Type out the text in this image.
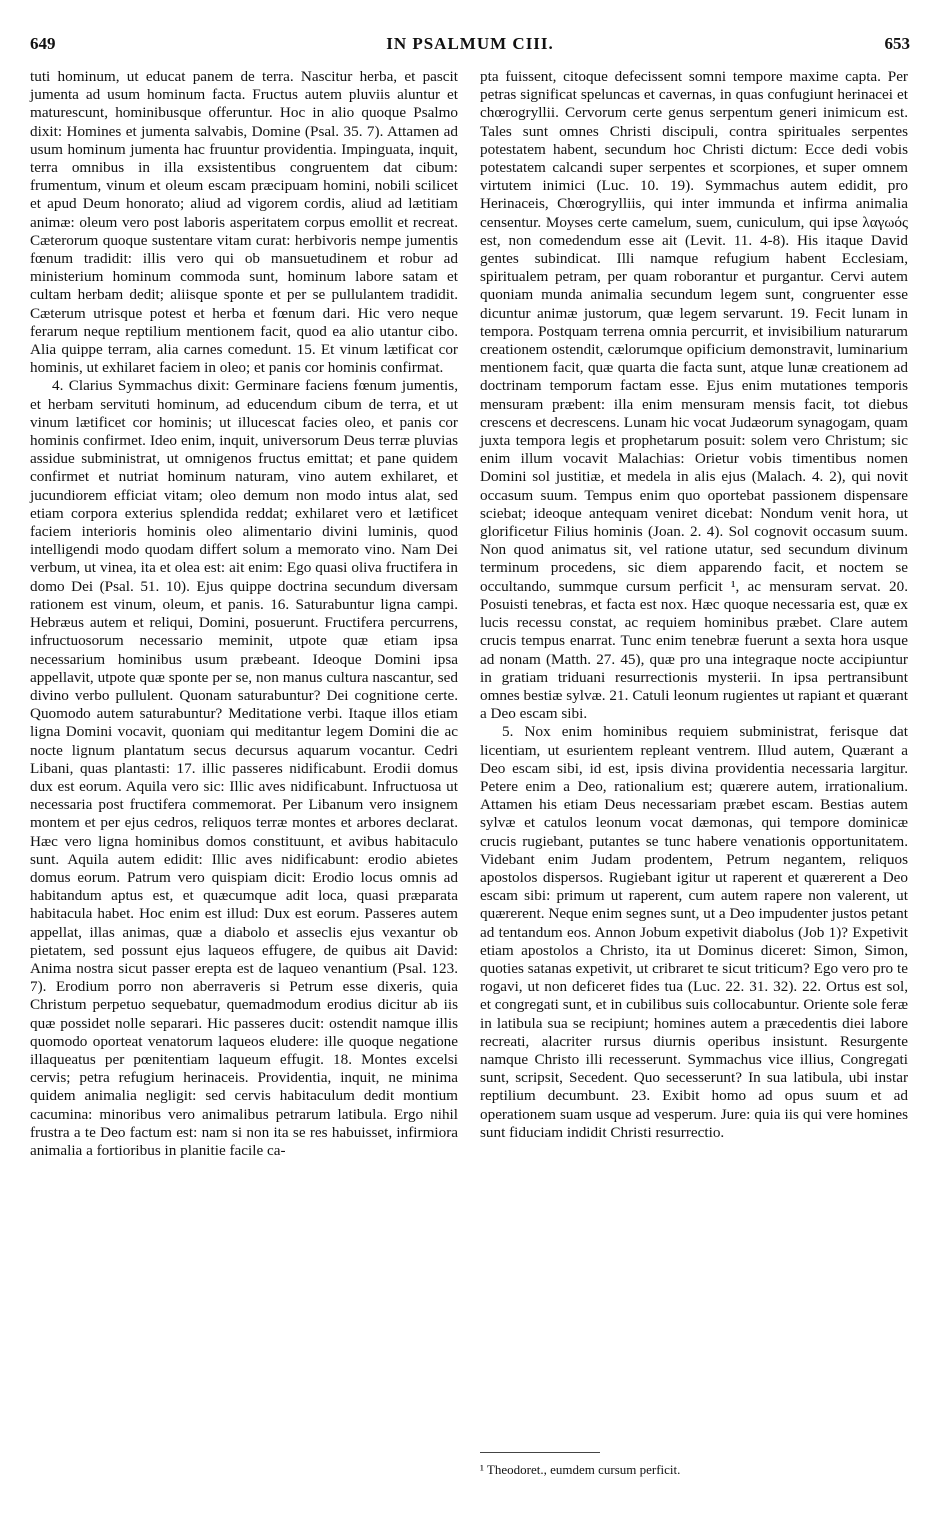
649	IN PSALMUM CIII.	653

tuti hominum, ut educat panem de terra. Nascitur herba, et pascit jumenta ad usum hominum facta. Fructus autem pluviis aluntur et maturescunt, hominibusque offeruntur. Hoc in alio quoque Psalmo dixit: Homines et jumenta salvabis, Domine (Psal. 35. 7). Attamen ad usum hominum jumenta hac fruuntur providentia. Impinguata, inquit, terra omnibus in illa exsistentibus congruentem dat cibum: frumentum, vinum et oleum escam præcipuam homini, nobili scilicet et apud Deum honorato; aliud ad vigorem cordis, aliud ad lætitiam animæ: oleum vero post laboris asperitatem corpus emollit et recreat. Cæterorum quoque sustentare vitam curat: herbivoris nempe jumentis fœnum tradidit: illis vero qui ob mansuetudinem et robur ad ministerium hominum commoda sunt, hominum labore satam et cultam herbam dedit; aliisque sponte et per se pullulantem tradidit. Cæterum utrisque potest et herba et fœnum dari. Hic vero neque ferarum neque reptilium mentionem facit, quod ea alio utantur cibo. Alia quippe terram, alia carnes comedunt. 15. Et vinum lætificat cor hominis, ut exhilaret faciem in oleo; et panis cor hominis confirmat.

4. Clarius Symmachus dixit: Germinare faciens fœnum jumentis, et herbam servituti hominum, ad educendum cibum de terra, et ut vinum lætificet cor hominis; ut illucescat facies oleo, et panis cor hominis confirmet. Ideo enim, inquit, universorum Deus terræ pluvias assidue subministrat, ut omnigenos fructus emittat; et pane quidem confirmet et nutriat hominum naturam, vino autem exhilaret, et jucundiorem efficiat vitam; oleo demum non modo intus alat, sed etiam corpora exterius splendida reddat; exhilaret vero et lætificet faciem interioris hominis oleo alimentario divini luminis, quod intelligendi modo quodam differt solum a memorato vino. Nam Dei verbum, ut vinea, ita et olea est: ait enim: Ego quasi oliva fructifera in domo Dei (Psal. 51. 10). Ejus quippe doctrina secundum diversam rationem est vinum, oleum, et panis. 16. Saturabuntur ligna campi. Hebræus autem et reliqui, Domini, posuerunt. Fructifera percurrens, infructuosorum necessario meminit, utpote quæ etiam ipsa necessarium hominibus usum præbeant. Ideoque Domini ipsa appellavit, utpote quæ sponte per se, non manus cultura nascantur, sed divino verbo pullulent. Quonam saturabuntur? Dei cognitione certe. Quomodo autem saturabuntur? Meditatione verbi. Itaque illos etiam ligna Domini vocavit, quoniam qui meditantur legem Domini die ac nocte lignum plantatum secus decursus aquarum vocantur. Cedri Libani, quas plantasti: 17. illic passeres nidificabunt. Erodii domus dux est eorum. Aquila vero sic: Illic aves nidificabunt. Infructuosa ut necessaria post fructifera commemorat. Per Libanum vero insignem montem et per ejus cedros, reliquos terræ montes et arbores declarat. Hæc vero ligna hominibus domos constituunt, et avibus habitaculo sunt. Aquila autem edidit: Illic aves nidificabunt: erodio abietes domus eorum. Patrum vero quispiam dicit: Erodio locus omnis ad habitandum aptus est, et quæcumque adit loca, quasi præparata habitacula habet. Hoc enim est illud: Dux est eorum. Passeres autem appellat, illas animas, quæ a diabolo et asseclis ejus vexantur ob pietatem, sed possunt ejus laqueos effugere, de quibus ait David: Anima nostra sicut passer erepta est de laqueo venantium (Psal. 123. 7). Erodium porro non aberraveris si Petrum esse dixeris, quia Christum perpetuo sequebatur, quemadmodum erodius dicitur ab iis quæ possidet nolle separari. Hic passeres ducit: ostendit namque illis quomodo oporteat venatorum laqueos eludere: ille quoque negatione illaqueatus per pœnitentiam laqueum effugit. 18. Montes excelsi cervis; petra refugium herinaceis. Providentia, inquit, ne minima quidem animalia negligit: sed cervis habitaculum dedit montium cacumina: minoribus vero animalibus petrarum latibula. Ergo nihil frustra a te Deo factum est: nam si non ita se res habuisset, infirmiora animalia a fortioribus in planitie facile ca-

pta fuissent, citoque defecissent somni tempore maxime capta. Per petras significat speluncas et cavernas, in quas confugiunt herinacei et chœrogryllii. Cervorum certe genus serpentum generi inimicum est. Tales sunt omnes Christi discipuli, contra spirituales serpentes potestatem habent, secundum hoc Christi dictum: Ecce dedi vobis potestatem calcandi super serpentes et scorpiones, et super omnem virtutem inimici (Luc. 10. 19). Symmachus autem edidit, pro Herinaceis, Chœrogrylliis, qui inter immunda et infirma animalia censentur. Moyses certe camelum, suem, cuniculum, qui ipse λαγωός est, non comedendum esse ait (Levit. 11. 4-8). His itaque David gentes subindicat. Illi namque refugium habent Ecclesiam, spiritualem petram, per quam roborantur et purgantur. Cervi autem quoniam munda animalia secundum legem sunt, congruenter esse dicuntur animæ justorum, quæ legem servarunt. 19. Fecit lunam in tempora. Postquam terrena omnia percurrit, et invisibilium naturarum creationem ostendit, cælorumque opificium demonstravit, luminarium mentionem facit, quæ quarta die facta sunt, atque lunæ creationem ad doctrinam temporum factam esse. Ejus enim mutationes temporis mensuram præbent: illa enim mensuram mensis facit, tot diebus crescens et decrescens. Lunam hic vocat Judæorum synagogam, quam juxta tempora legis et prophetarum posuit: solem vero Christum; sic enim illum vocavit Malachias: Orietur vobis timentibus nomen Domini sol justitiæ, et medela in alis ejus (Malach. 4. 2), qui novit occasum suum. Tempus enim quo oportebat passionem dispensare sciebat; ideoque antequam veniret dicebat: Nondum venit hora, ut glorificetur Filius hominis (Joan. 2. 4). Sol cognovit occasum suum. Non quod animatus sit, vel ratione utatur, sed secundum divinum terminum procedens, sic diem apparendo facit, et noctem se occultando, summque cursum perficit ¹, ac mensuram servat. 20. Posuisti tenebras, et facta est nox. Hæc quoque necessaria est, quæ ex lucis recessu constat, ac requiem hominibus præbet. Clare autem crucis tempus enarrat. Tunc enim tenebræ fuerunt a sexta hora usque ad nonam (Matth. 27. 45), quæ pro una integraque nocte accipiuntur in gratiam triduani resurrectionis mysterii. In ipsa pertransibunt omnes bestiæ sylvæ. 21. Catuli leonum rugientes ut rapiant et quærant a Deo escam sibi.

5. Nox enim hominibus requiem subministrat, ferisque dat licentiam, ut esurientem repleant ventrem. Illud autem, Quærant a Deo escam sibi, id est, ipsis divina providentia necessaria largitur. Petere enim a Deo, rationalium est; quærere autem, irrationalium. Attamen his etiam Deus necessariam præbet escam. Bestias autem sylvæ et catulos leonum vocat dæmonas, qui tempore dominicæ crucis rugiebant, putantes se tunc habere venationis opportunitatem. Videbant enim Judam prodentem, Petrum negantem, reliquos apostolos dispersos. Rugiebant igitur ut raperent et quærerent a Deo escam sibi: primum ut raperent, cum autem rapere non valerent, ut quærerent. Neque enim segnes sunt, ut a Deo impudenter justos petant ad tentandum eos. Annon Jobum expetivit diabolus (Job 1)? Expetivit etiam apostolos a Christo, ita ut Dominus diceret: Simon, Simon, quoties satanas expetivit, ut cribraret te sicut triticum? Ego vero pro te rogavi, ut non deficeret fides tua (Luc. 22. 31. 32). 22. Ortus est sol, et congregati sunt, et in cubilibus suis collocabuntur. Oriente sole feræ in latibula sua se recipiunt; homines autem a præcedentis diei labore recreati, alacriter rursus diurnis operibus insistunt. Resurgente namque Christo illi recesserunt. Symmachus vice illius, Congregati sunt, scripsit, Secedent. Quo secesserunt? In sua latibula, ubi instar reptilium decumbunt. 23. Exibit homo ad opus suum et ad operationem suam usque ad vesperum. Jure: quia iis qui vere homines sunt fiduciam indidit Christi resurrectio.

¹ Theodoret., eumdem cursum perficit.
